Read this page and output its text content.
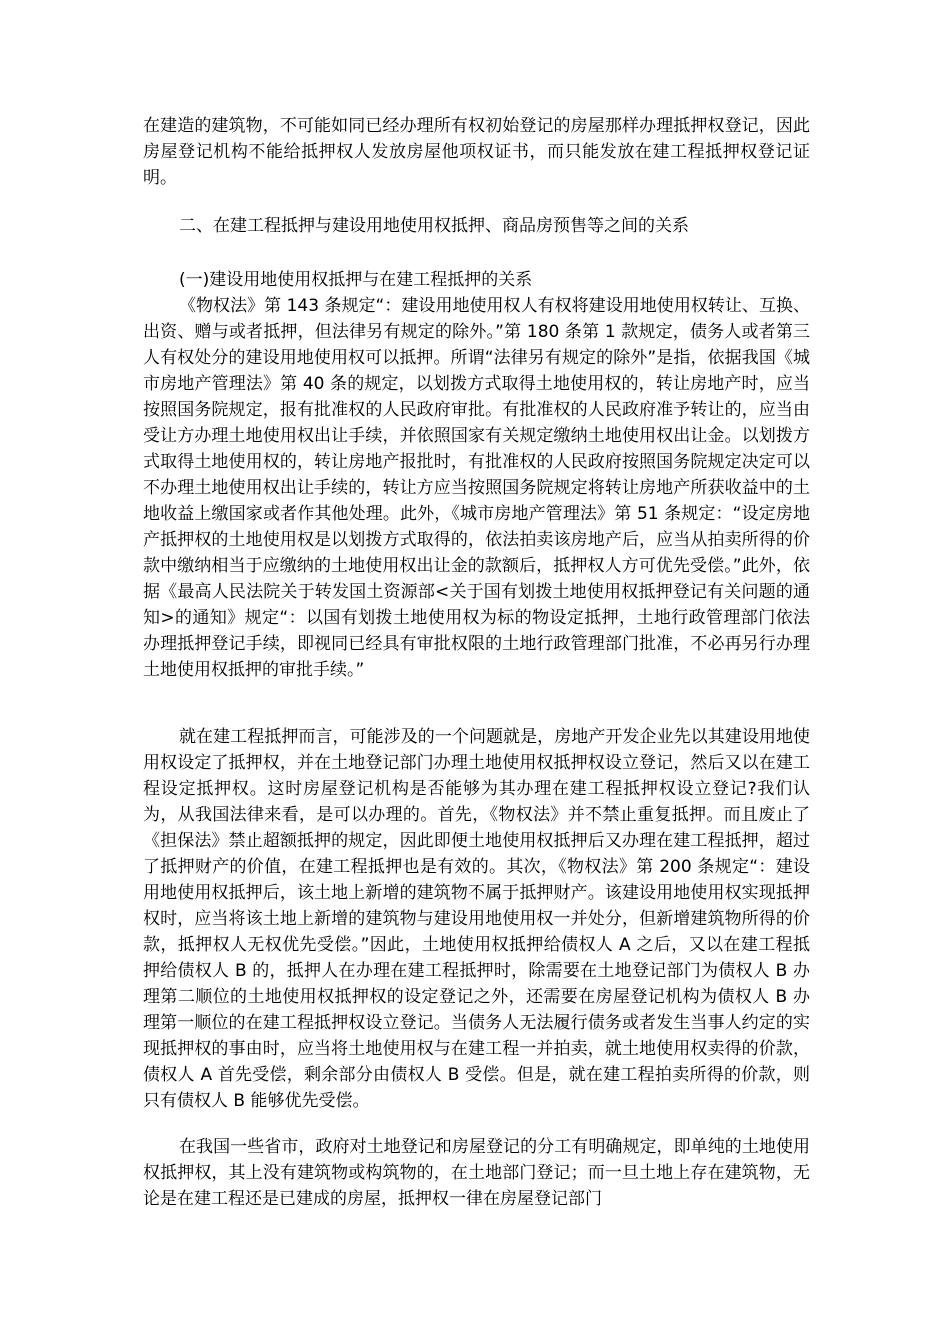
在建造的建筑物，不可能如同已经办理所有权初始登记的房屋那样办理抵押权登记，因此房屋登记机构不能给抵押权人发放房屋他项权证书，而只能发放在建工程抵押权登记证明。

二、在建工程抵押与建设用地使用权抵押、商品房预售等之间的关系

(一)建设用地使用权抵押与在建工程抵押的关系

《物权法》第 143 条规定“：建设用地使用权人有权将建设用地使用权转让、互换、出资、赠与或者抵押，但法律另有规定的除外。”第 180 条第 1 款规定，债务人或者第三人有权处分的建设用地使用权可以抵押。所谓“法律另有规定的除外”是指，依据我国《城市房地产管理法》第 40 条的规定，以划拨方式取得土地使用权的，转让房地产时，应当按照国务院规定，报有批准权的人民政府审批。有批准权的人民政府准予转让的，应当由受让方办理土地使用权出让手续，并依照国家有关规定缴纳土地使用权出让金。以划拨方式取得土地使用权的，转让房地产报批时，有批准权的人民政府按照国务院规定决定可以不办理土地使用权出让手续的，转让方应当按照国务院规定将转让房地产所获收益中的土地收益上缴国家或者作其他处理。此外，《城市房地产管理法》第 51 条规定：“设定房地产抵押权的土地使用权是以划拨方式取得的，依法拍卖该房地产后，应当从拍卖所得的价款中缴纳相当于应缴纳的土地使用权出让金的款额后，抵押权人方可优先受偿。”此外，依据《最高人民法院关于转发国土资源部<关于国有划拨土地使用权抵押登记有关问题的通知>的通知》规定“：以国有划拨土地使用权为标的物设定抵押，土地行政管理部门依法办理抵押登记手续，即视同已经具有审批权限的土地行政管理部门批准，不必再另行办理土地使用权抵押的审批手续。”

就在建工程抵押而言，可能涉及的一个问题就是，房地产开发企业先以其建设用地使用权设定了抵押权，并在土地登记部门办理土地使用权抵押权设立登记，然后又以在建工程设定抵押权。这时房屋登记机构是否能够为其办理在建工程抵押权设立登记?我们认为，从我国法律来看，是可以办理的。首先，《物权法》并不禁止重复抵押。而且废止了《担保法》禁止超额抵押的规定，因此即便土地使用权抵押后又办理在建工程抵押，超过了抵押财产的价值，在建工程抵押也是有效的。其次，《物权法》第 200 条规定“：建设用地使用权抵押后，该土地上新增的建筑物不属于抵押财产。该建设用地使用权实现抵押权时，应当将该土地上新增的建筑物与建设用地使用权一并处分，但新增建筑物所得的价款，抵押权人无权优先受偿。”因此，土地使用权抵押给债权人 A 之后，又以在建工程抵押给债权人 B 的，抵押人在办理在建工程抵押时，除需要在土地登记部门为债权人 B 办理第二顺位的土地使用权抵押权的设定登记之外，还需要在房屋登记机构为债权人 B 办理第一顺位的在建工程抵押权设立登记。当债务人无法履行债务或者发生当事人约定的实现抵押权的事由时，应当将土地使用权与在建工程一并拍卖，就土地使用权卖得的价款，债权人 A 首先受偿，剩余部分由债权人 B 受偿。但是，就在建工程拍卖所得的价款，则只有债权人 B 能够优先受偿。

在我国一些省市，政府对土地登记和房屋登记的分工有明确规定，即单纯的土地使用权抵押权，其上没有建筑物或构筑物的，在土地部门登记；而一旦土地上存在建筑物，无论是在建工程还是已建成的房屋，抵押权一律在房屋登记部门
